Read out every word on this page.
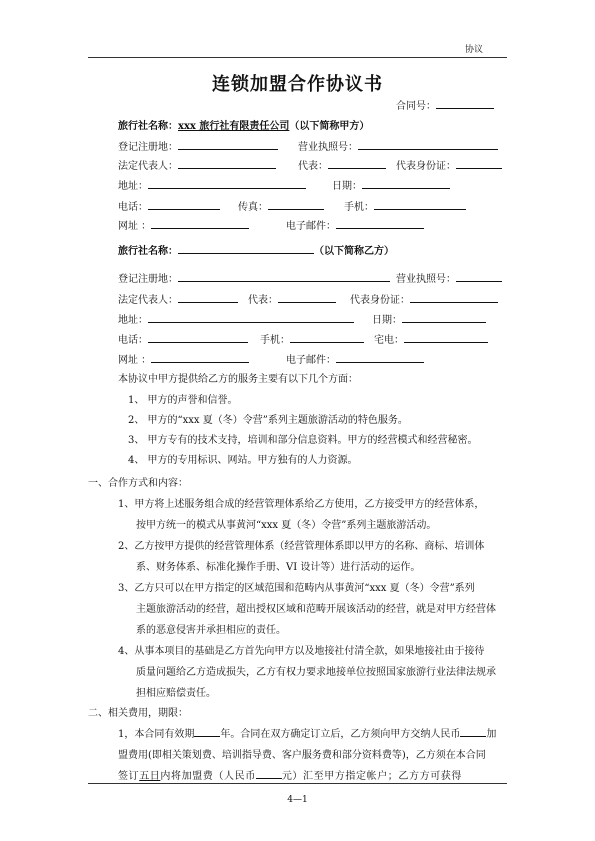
协议
连锁加盟合作协议书
合同号：
旅行社名称：xxx 旅行社有限责任公司（以下简称甲方）
登记注册地：	营业执照号：
法定代表人：	代表：	代表身份证：
地址：	日期：
电话：	传真：	手机：
网址 ：	电子邮件：
旅行社名称：	（以下简称乙方）
登记注册地：	营业执照号：
法定代表人：	代表：	代表身份证：
地址：	日期：
电话：	手机：	宅电：
网址 ：	电子邮件：
本协议中甲方提供给乙方的服务主要有以下几个方面：
1、 甲方的声誉和信誉。
2、 甲方的“xxx 夏（冬）令营”系列主题旅游活动的特色服务。
3、 甲方专有的技术支持，培训和部分信息资料。甲方的经营模式和经营秘密。
4、 甲方的专用标识、网站。甲方独有的人力资源。
一、合作方式和内容：
1、甲方将上述服务组合成的经营管理体系给乙方使用，乙方接受甲方的经营体系，
按甲方统一的模式从事黄河“xxx 夏（冬）令营”系列主题旅游活动。
2、乙方按甲方提供的经营管理体系（经营管理体系即以甲方的名称、商标、培训体
系、财务体系、标准化操作手册、VI 设计等）进行活动的运作。
3、乙方只可以在甲方指定的区域范围和范畴内从事黄河“xxx 夏（冬）令营”系列
主题旅游活动的经营，超出授权区域和范畴开展该活动的经营，就是对甲方经营体
系的恶意侵害并承担相应的责任。
4、从事本项目的基础是乙方首先向甲方以及地接社付清全款，如果地接社由于接待
质量问题给乙方造成损失，乙方有权力要求地接单位按照国家旅游行业法律法规承
担相应赔偿责任。
二、相关费用，期限：
1，本合同有效期	年。合同在双方确定订立后，乙方须向甲方交纳人民币	加
盟费用(即相关策划费、培训指导费、客户服务费和部分资料费等)，乙方须在本合同
签订五日内将加盟费（人民币	元）汇至甲方指定帐户；乙方方可获得
4—1
